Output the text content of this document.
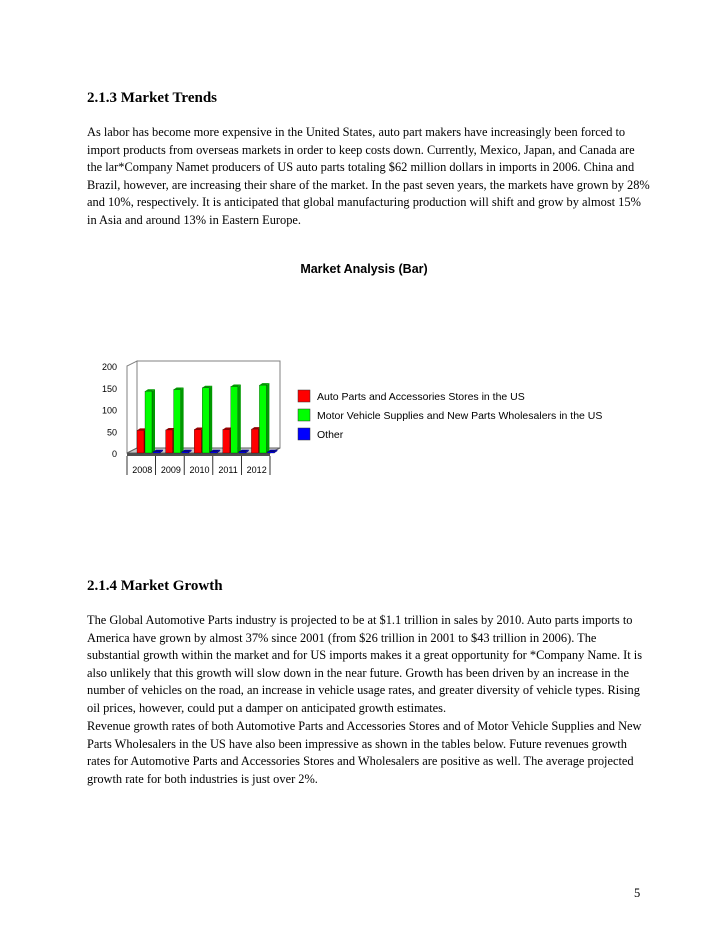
2.1.3 Market Trends

As labor has become more expensive in the United States, auto part makers have increasingly been forced to import products from overseas markets in order to keep costs down. Currently, Mexico, Japan, and Canada are the lar*Company Namet producers of US auto parts totaling $62 million dollars in imports in 2006. China and Brazil, however, are increasing their share of the market. In the past seven years, the markets have grown by 28% and 10%, respectively. It is anticipated that global manufacturing production will shift and grow by almost 15% in Asia and around 13% in Eastern Europe.

Market Analysis (Bar)
0
50
100
150
200
2008 2009 2010 2011 2012
Auto Parts and Accessories Stores in the US
Motor Vehicle Supplies and New Parts Wholesalers in the US
Other
2.1.4 Market Growth

The Global Automotive Parts industry is projected to be at $1.1 trillion in sales by 2010. Auto parts imports to America have grown by almost 37% since 2001 (from $26 trillion in 2001 to $43 trillion in 2006). The substantial growth within the market and for US imports makes it a great opportunity for *Company Name. It is also unlikely that this growth will slow down in the near future. Growth has been driven by an increase in the number of vehicles on the road, an increase in vehicle usage rates, and greater diversity of vehicle types. Rising oil prices, however, could put a damper on anticipated growth estimates.

Revenue growth rates of both Automotive Parts and Accessories Stores and of Motor Vehicle Supplies and New Parts Wholesalers in the US have also been impressive as shown in the tables below. Future revenues growth rates for Automotive Parts and Accessories Stores and Wholesalers are positive as well. The average projected growth rate for both industries is just over 2%.

5
